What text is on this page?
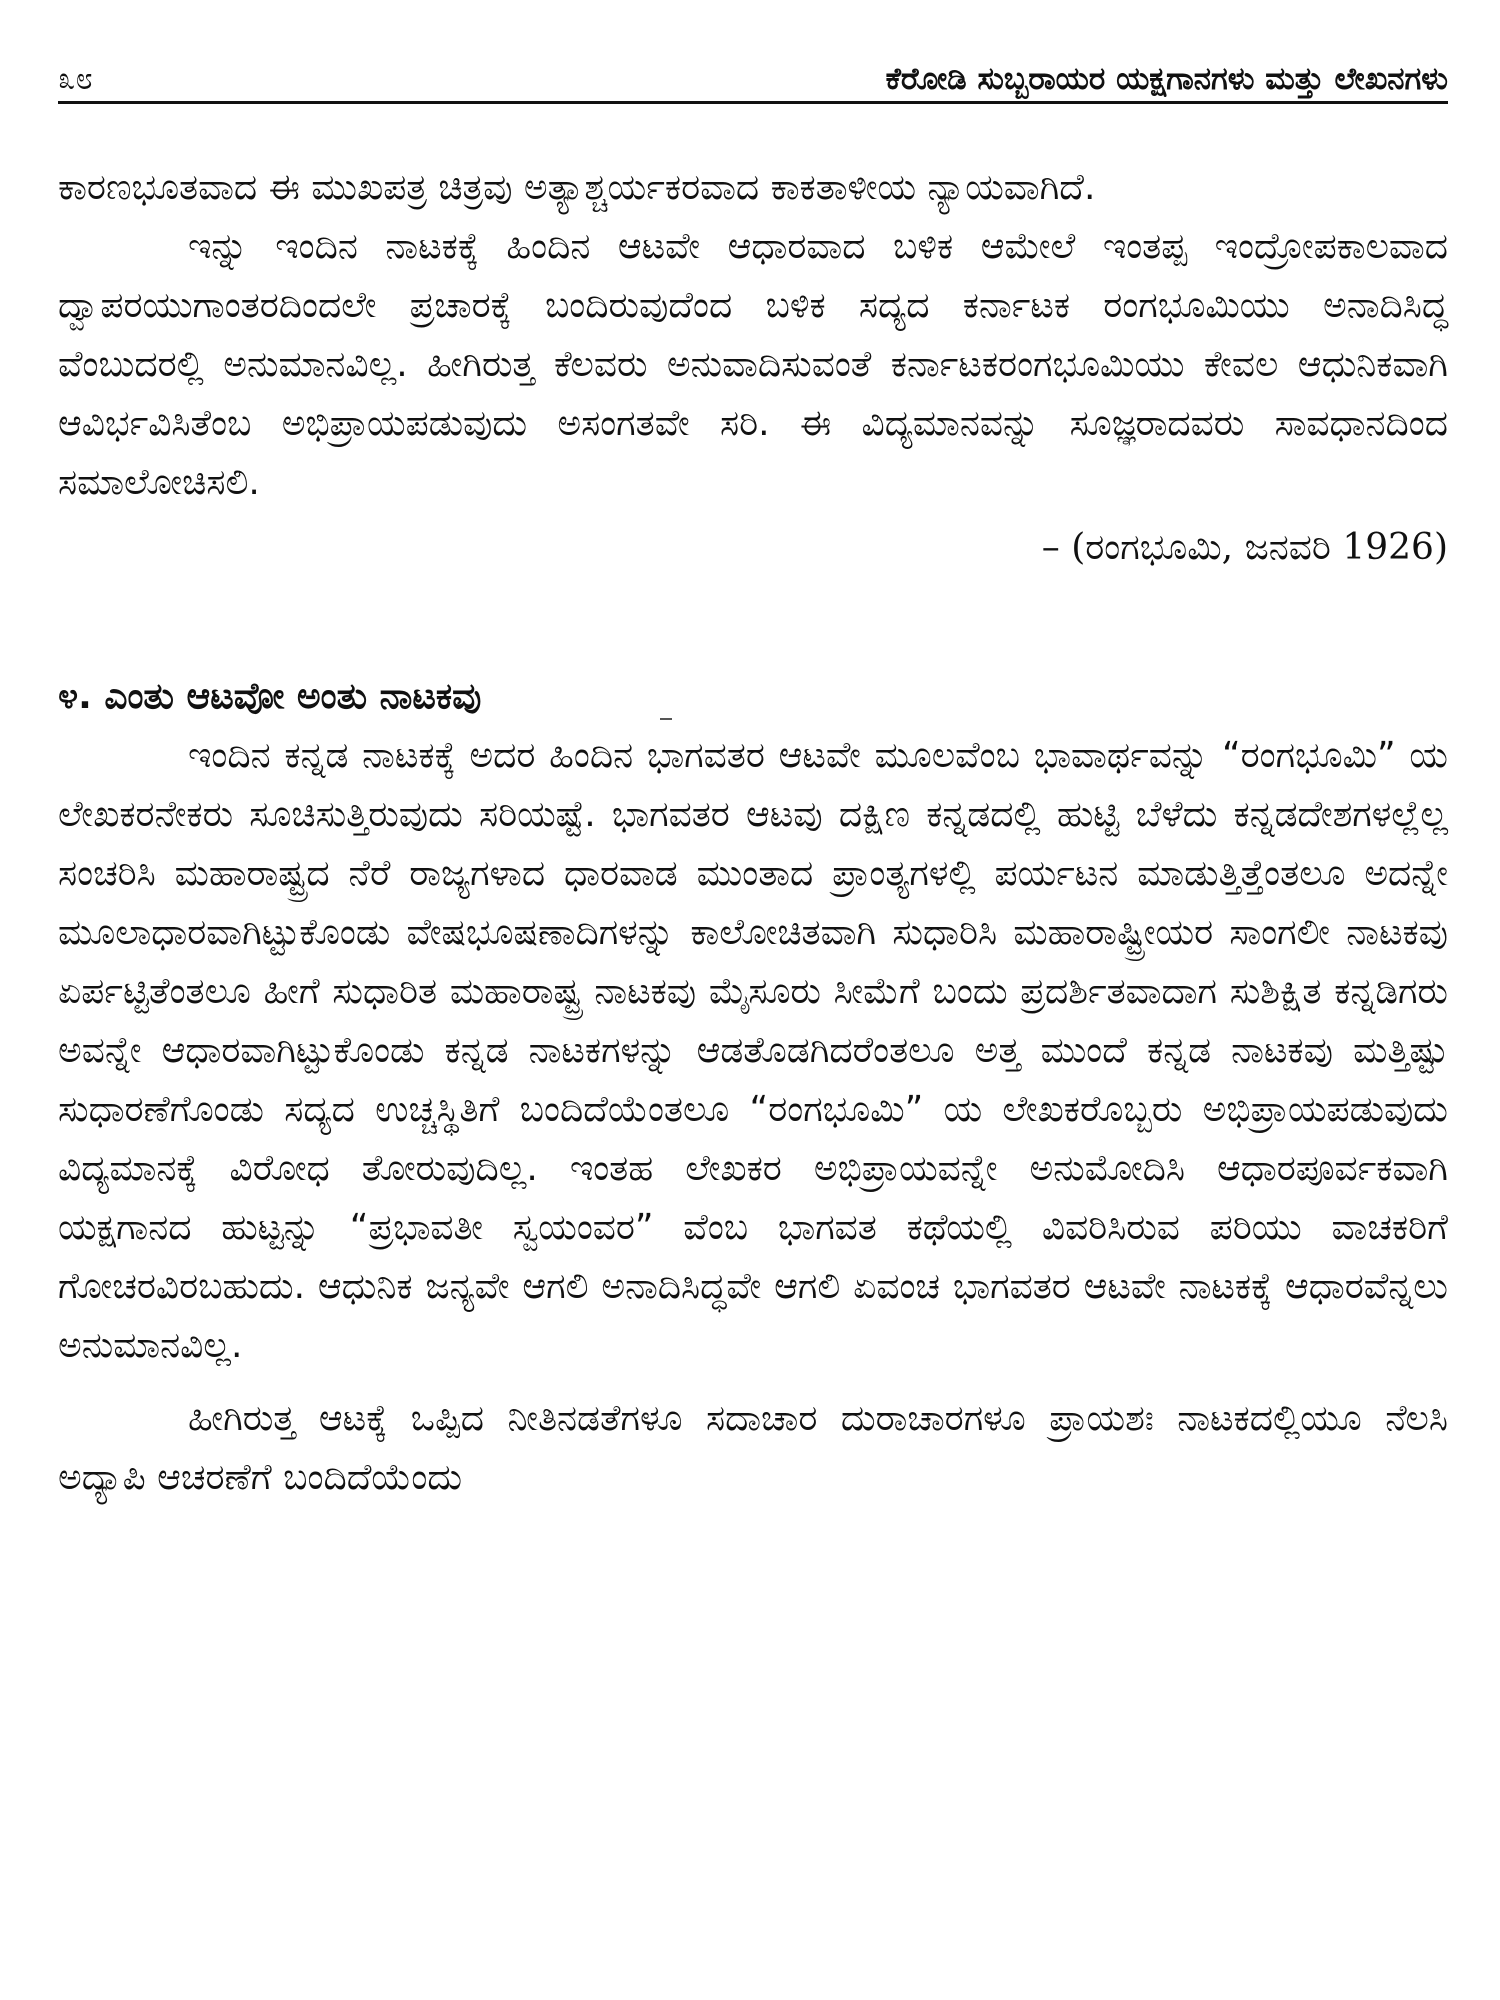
೩೮	ಕೆರೋಡಿ ಸುಬ್ಬರಾಯರ ಯಕ್ಷಗಾನಗಳು ಮತ್ತು ಲೇಖನಗಳು

ಕಾರಣಭೂತವಾದ ಈ ಮುಖಪತ್ರ ಚಿತ್ರವು ಅತ್ಯಾಶ್ಚರ್ಯಕರವಾದ ಕಾಕತಾಳೀಯ ನ್ಯಾಯವಾಗಿದೆ.

ಇನ್ನು ಇಂದಿನ ನಾಟಕಕ್ಕೆ ಹಿಂದಿನ ಆಟವೇ ಆಧಾರವಾದ ಬಳಿಕ ಆಮೇಲೆ ಇಂತಪ್ಪ ಇಂದ್ರೋಪಕಾಲವಾದ ದ್ವಾಪರಯುಗಾಂತರದಿಂದಲೇ ಪ್ರಚಾರಕ್ಕೆ ಬಂದಿರುವುದೆಂದ ಬಳಿಕ ಸದ್ಯದ ಕರ್ನಾಟಕ ರಂಗಭೂಮಿಯು ಅನಾದಿಸಿದ್ಧ ವೆಂಬುದರಲ್ಲಿ ಅನುಮಾನವಿಲ್ಲ. ಹೀಗಿರುತ್ತ ಕೆಲವರು ಅನುವಾದಿಸುವಂತೆ ಕರ್ನಾಟಕರಂಗಭೂಮಿಯು ಕೇವಲ ಆಧುನಿಕವಾಗಿ ಆವಿರ್ಭವಿಸಿತೆಂಬ ಅಭಿಪ್ರಾಯಪಡುವುದು ಅಸಂಗತವೇ ಸರಿ. ಈ ವಿದ್ಯಮಾನವನ್ನು ಸೂಜ್ಞರಾದವರು ಸಾವಧಾನದಿಂದ ಸಮಾಲೋಚಿಸಲಿ.

– (ರಂಗಭೂಮಿ, ಜನವರಿ 1926)

೪. ಎಂತು ಆಟವೋ ಅಂತು ನಾಟಕವು

ಇಂದಿನ ಕನ್ನಡ ನಾಟಕಕ್ಕೆ ಅದರ ಹಿಂದಿನ ಭಾಗವತರ ಆಟವೇ ಮೂಲವೆಂಬ ಭಾವಾರ್ಥವನ್ನು “ರಂಗಭೂಮಿ” ಯ ಲೇಖಕರನೇಕರು ಸೂಚಿಸುತ್ತಿರುವುದು ಸರಿಯಷ್ಟೆ. ಭಾಗವತರ ಆಟವು ದಕ್ಷಿಣ ಕನ್ನಡದಲ್ಲಿ ಹುಟ್ಟಿ ಬೆಳೆದು ಕನ್ನಡದೇಶಗಳಲ್ಲೆಲ್ಲ ಸಂಚರಿಸಿ ಮಹಾರಾಷ್ಟ್ರದ ನೆರೆ ರಾಜ್ಯಗಳಾದ ಧಾರವಾಡ ಮುಂತಾದ ಪ್ರಾಂತ್ಯಗಳಲ್ಲಿ ಪರ್ಯಟನ ಮಾಡುತ್ತಿತ್ತೆಂತಲೂ ಅದನ್ನೇ ಮೂಲಾಧಾರವಾಗಿಟ್ಟುಕೊಂಡು ವೇಷಭೂಷಣಾದಿಗಳನ್ನು ಕಾಲೋಚಿತವಾಗಿ ಸುಧಾರಿಸಿ ಮಹಾರಾಷ್ಟ್ರೀಯರ ಸಾಂಗಲೀ ನಾಟಕವು ಏರ್ಪಟ್ಟಿತೆಂತಲೂ ಹೀಗೆ ಸುಧಾರಿತ ಮಹಾರಾಷ್ಟ್ರ ನಾಟಕವು ಮೈಸೂರು ಸೀಮೆಗೆ ಬಂದು ಪ್ರದರ್ಶಿತವಾದಾಗ ಸುಶಿಕ್ಷಿತ ಕನ್ನಡಿಗರು ಅವನ್ನೇ ಆಧಾರವಾಗಿಟ್ಟುಕೊಂಡು ಕನ್ನಡ ನಾಟಕಗಳನ್ನು ಆಡತೊಡಗಿದರೆಂತಲೂ ಅತ್ತ ಮುಂದೆ ಕನ್ನಡ ನಾಟಕವು ಮತ್ತಿಷ್ಟು ಸುಧಾರಣೆಗೊಂಡು ಸದ್ಯದ ಉಚ್ಚಸ್ಥಿತಿಗೆ ಬಂದಿದೆಯೆಂತಲೂ “ರಂಗಭೂಮಿ” ಯ ಲೇಖಕರೊಬ್ಬರು ಅಭಿಪ್ರಾಯಪಡುವುದು ವಿದ್ಯಮಾನಕ್ಕೆ ವಿರೋಧ ತೋರುವುದಿಲ್ಲ. ಇಂತಹ ಲೇಖಕರ ಅಭಿಪ್ರಾಯವನ್ನೇ ಅನುಮೋದಿಸಿ ಆಧಾರಪೂರ್ವಕವಾಗಿ ಯಕ್ಷಗಾನದ ಹುಟ್ಟನ್ನು “ಪ್ರಭಾವತೀ ಸ್ವಯಂವರ” ವೆಂಬ ಭಾಗವತ ಕಥೆಯಲ್ಲಿ ವಿವರಿಸಿರುವ ಪರಿಯು ವಾಚಕರಿಗೆ ಗೋಚರವಿರಬಹುದು. ಆಧುನಿಕ ಜನ್ಯವೇ ಆಗಲಿ ಅನಾದಿಸಿದ್ಧವೇ ಆಗಲಿ ಏವಂಚ ಭಾಗವತರ ಆಟವೇ ನಾಟಕಕ್ಕೆ ಆಧಾರವೆನ್ನಲು ಅನುಮಾನವಿಲ್ಲ.

ಹೀಗಿರುತ್ತ ಆಟಕ್ಕೆ ಒಪ್ಪಿದ ನೀತಿನಡತೆಗಳೂ ಸದಾಚಾರ ದುರಾಚಾರಗಳೂ ಪ್ರಾಯಶಃ ನಾಟಕದಲ್ಲಿಯೂ ನೆಲಸಿ ಅದ್ಯಾಪಿ ಆಚರಣೆಗೆ ಬಂದಿದೆಯೆಂದು
